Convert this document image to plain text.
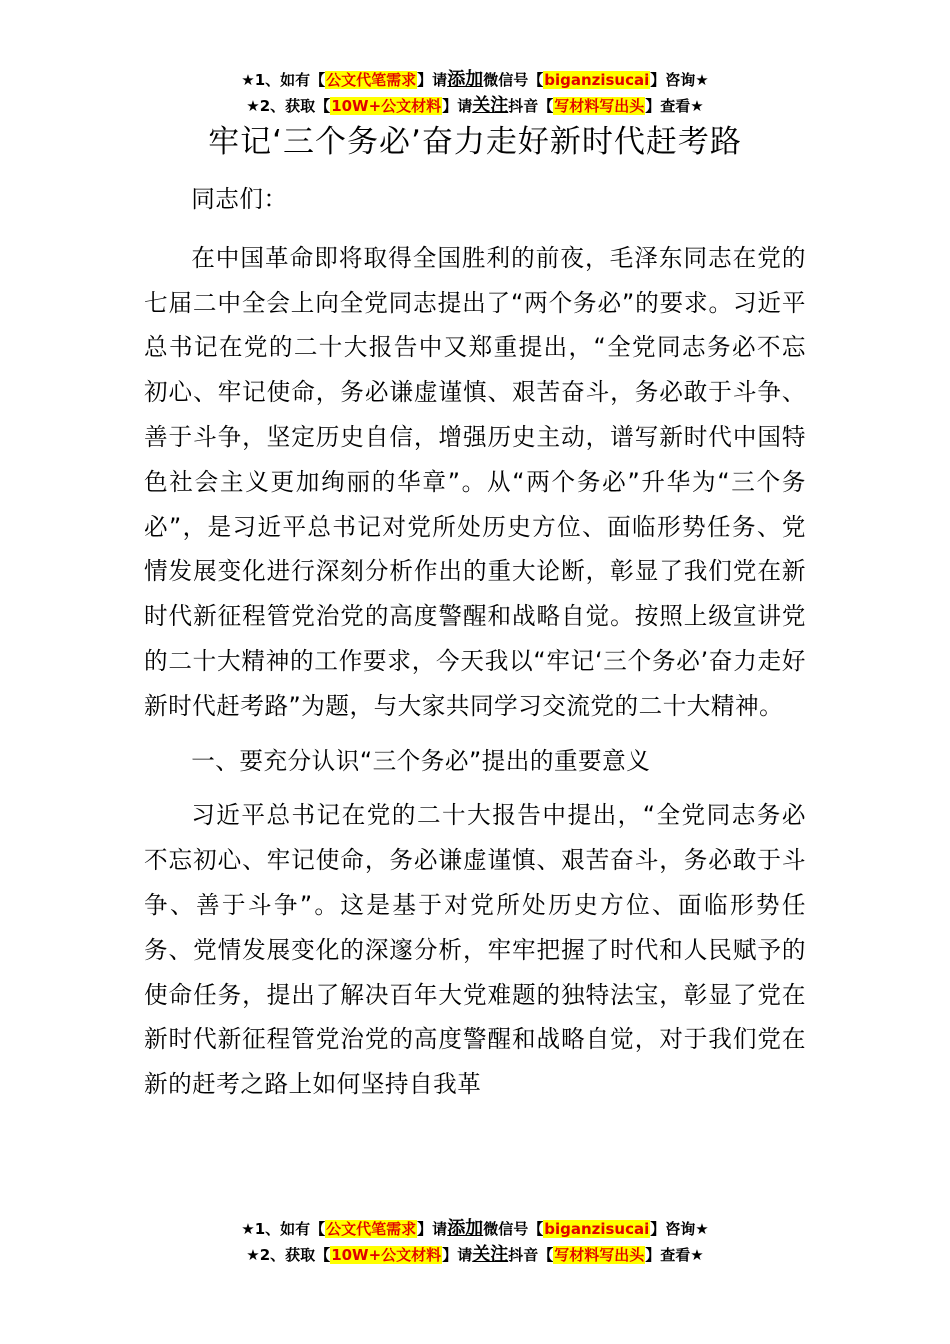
★1、如有【公文代笔需求】请添加微信号【biganzisucai】咨询★
★2、获取【10W+公文材料】请关注抖音【写材料写出头】查看★
牢记‘三个务必’奋力走好新时代赶考路

同志们：

在中国革命即将取得全国胜利的前夜，毛泽东同志在党的七届二中全会上向全党同志提出了“两个务必”的要求。习近平总书记在党的二十大报告中又郑重提出，“全党同志务必不忘初心、牢记使命，务必谦虚谨慎、艰苦奋斗，务必敢于斗争、善于斗争，坚定历史自信，增强历史主动，谱写新时代中国特色社会主义更加绚丽的华章”。从“两个务必”升华为“三个务必”，是习近平总书记对党所处历史方位、面临形势任务、党情发展变化进行深刻分析作出的重大论断，彰显了我们党在新时代新征程管党治党的高度警醒和战略自觉。按照上级宣讲党的二十大精神的工作要求，今天我以“牢记‘三个务必’奋力走好新时代赶考路”为题，与大家共同学习交流党的二十大精神。

一、要充分认识“三个务必”提出的重要意义

习近平总书记在党的二十大报告中提出，“全党同志务必不忘初心、牢记使命，务必谦虚谨慎、艰苦奋斗，务必敢于斗争、善于斗争”。这是基于对党所处历史方位、面临形势任务、党情发展变化的深邃分析，牢牢把握了时代和人民赋予的使命任务，提出了解决百年大党难题的独特法宝，彰显了党在新时代新征程管党治党的高度警醒和战略自觉，对于我们党在新的赶考之路上如何坚持自我革

★1、如有【公文代笔需求】请添加微信号【biganzisucai】咨询★
★2、获取【10W+公文材料】请关注抖音【写材料写出头】查看★
